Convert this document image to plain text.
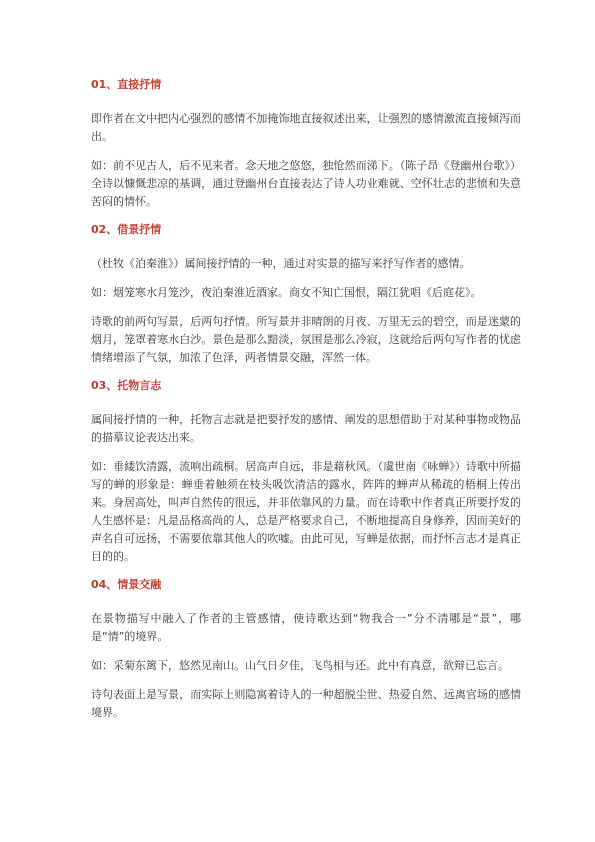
01、直接抒情

即作者在文中把内心强烈的感情不加掩饰地直接叙述出来，让强烈的感情激流直接倾泻而出。

如：前不见古人，后不见来者。念天地之悠悠，独怆然而涕下。（陈子昂《登幽州台歌》）全诗以慷慨悲凉的基调，通过登幽州台直接表达了诗人功业难就、空怀壮志的悲愤和失意苦闷的情怀。

02、借景抒情

（杜牧《泊秦淮》）属间接抒情的一种，通过对实景的描写来抒写作者的感情。

如：烟笼寒水月笼沙，夜泊秦淮近酒家。商女不知亡国恨，隔江犹唱《后庭花》。

诗歌的前两句写景，后两句抒情。所写景并非晴朗的月夜、万里无云的碧空，而是迷蒙的烟月，笼罩着寒水白沙。景色是那么黯淡，氛围是那么冷寂，这就给后两句写作者的忧虑情绪增添了气氛，加浓了色泽，两者情景交融，浑然一体。

03、托物言志

属间接抒情的一种，托物言志就是把要抒发的感情、阐发的思想借助于对某种事物或物品的描摹议论表达出来。

如：垂緌饮清露，流响出疏桐。居高声自远，非是藉秋风。（虞世南《咏蝉》）诗歌中所描写的蝉的形象是：蝉垂着触须在枝头吸饮清洁的露水，阵阵的蝉声从稀疏的梧桐上传出来。身居高处，叫声自然传的很远，并非依靠风的力量。而在诗歌中作者真正所要抒发的人生感怀是：凡是品格高尚的人，总是严格要求自己，不断地提高自身修养，因而美好的声名自可远扬，不需要依靠其他人的吹嘘。由此可见，写蝉是依据，而抒怀言志才是真正目的的。

04、情景交融

在景物描写中融入了作者的主管感情，使诗歌达到“物我合一”分不清哪是“景”，哪是“情”的境界。

如：采菊东篱下，悠然见南山。山气日夕佳，飞鸟相与还。此中有真意，欲辩已忘言。

诗句表面上是写景，而实际上则隐寓着诗人的一种超脱尘世、热爱自然、远离官场的感情境界。
